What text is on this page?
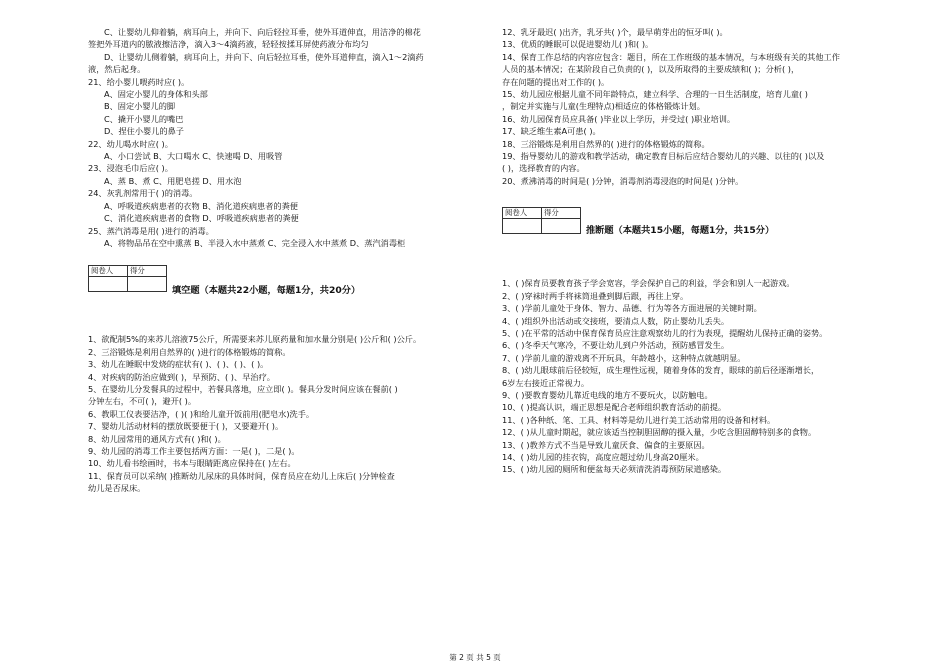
C、让婴幼儿仰着躺，病耳向上，并向下、向后轻拉耳垂，使外耳道伸直，用洁净的棉花
签把外耳道内的脓液擦洁净，滴入3～4滴药液，轻轻按揉耳屏使药液分布均匀
D、让婴幼儿侧着躺，病耳向上，并向下、向后轻拉耳垂，使外耳道伸直，滴入1～2滴药
液，然后起身。
21、给小婴儿喂药时应( )。
A、固定小婴儿的身体和头部
B、固定小婴儿的脚
C、撬开小婴儿的嘴巴
D、捏住小婴儿的鼻子
22、幼儿喝水时应( )。
A、小口尝试 B、大口喝水 C、快速喝 D、用吸管
23、浸泡毛巾后应( )。
A、蒸 B、煮 C、用肥皂搓 D、用水泡
24、灰乳剂常用于( )的消毒。
A、呼吸道疾病患者的衣物 B、消化道疾病患者的粪便
C、消化道疾病患者的食物 D、呼吸道疾病患者的粪便
25、蒸汽消毒是用( )进行的消毒。
A、将物品吊在空中熏蒸 B、半浸入水中蒸煮 C、完全浸入水中蒸煮 D、蒸汽消毒柜
阅卷人	得分

填空题（本题共22小题，每题1分，共20分）
1、欲配制5%的来苏儿溶液75公斤，所需要来苏儿原药量和加水量分别是( )公斤和( )公斤。
2、三浴锻炼是利用自然界的( )进行的体格锻炼的简称。
3、幼儿在睡眠中发烧的症状有( )、( )、( )、( )。
4、对疾病的防治应做到( )，早预防、( )、早治疗。
5、在婴幼儿分发餐具的过程中，若餐具落地，应立即( )。餐具分发时间应该在餐前( )
分钟左右，不可( )，避开( )。
6、教职工仪表要洁净，( )( )和给儿童开饭前用(肥皂水)洗手。
7、婴幼儿活动材料的摆放既要便于( )，又要避开( )。
8、幼儿园常用的通风方式有( )和( )。
9、幼儿园的消毒工作主要包括两方面：一是( )，二是( )。
10、幼儿看书绘画时，书本与眼睛距离应保持在( )左右。
11、保育员可以采纳( )推断幼儿尿床的具体时间，保育员应在幼儿上床后( )分钟检查
幼儿是否尿床。
12、乳牙最迟( )出齐，乳牙共( )个，最早萌芽出的恒牙叫( )。
13、优质的睡眠可以促进婴幼儿( )和( )。
14、保育工作总结的内容应包含：题目，所在工作班级的基本情况，与本班级有关的其他工作
人员的基本情况；在某阶段自己负责的( )，以及所取得的主要成绩和( )；分析( )，
存在问题的提出对工作的( )。
15、幼儿园应根据儿童不同年龄特点，建立科学、合理的一日生活制度，培育儿童( )
，制定并实施与儿童(生理特点)相适应的体格锻炼计划。
16、幼儿园保育员应具备( )毕业以上学历，并受过( )职业培训。
17、缺乏维生素A可患( )。
18、三浴锻炼是利用自然界的( )进行的体格锻炼的简称。
19、指导婴幼儿的游戏和教学活动，确定教育目标后应结合婴幼儿的兴趣、以往的( )以及
( )，选择教育的内容。
20、煮沸消毒的时间是( )分钟，消毒剂消毒浸泡的时间是( )分钟。
阅卷人	得分

推断题（本题共15小题，每题1分，共15分）
1、( )保育员要教育孩子学会宽容，学会保护自己的利益，学会和别人一起游戏。
2、( )穿袜时两手将袜筒退叠到脚后跟，再往上穿。
3、( )学前儿童处于身体、智力、品德、行为等各方面进展的关键时期。
4、( )组织外出活动或交接班，要清点人数，防止婴幼儿丢失。
5、( )在平常的活动中保育保育员应注意观察幼儿的行为表现，提醒幼儿保持正确的姿势。
6、( )冬季天气寒冷，不要让幼儿到户外活动，预防感冒发生。
7、( )学前儿童的游戏离不开玩具，年龄越小，这种特点就越明显。
8、( )幼儿眼球前后径较短，成生理性远视，随着身体的发育，眼球的前后径逐渐增长，
6岁左右接近正常视力。
9、( )要教育婴幼儿靠近电线的地方不要玩火，以防触电。
10、( )提高认识，端正思想是配合老师组织教育活动的前提。
11、( )各种纸、笔、工具、材料等是幼儿进行美工活动常用的设备和材料。
12、( )从儿童时期起，就应该适当控制胆固醇的摄入量，少吃含胆固醇特别多的食物。
13、( )教养方式不当是导致儿童厌食、偏食的主要原因。
14、( )幼儿园的挂衣钩，高度应超过幼儿身高20厘米。
15、( )幼儿园的厕所和便盆每天必须清洗消毒预防尿道感染。
第 2 页 共 5 页
